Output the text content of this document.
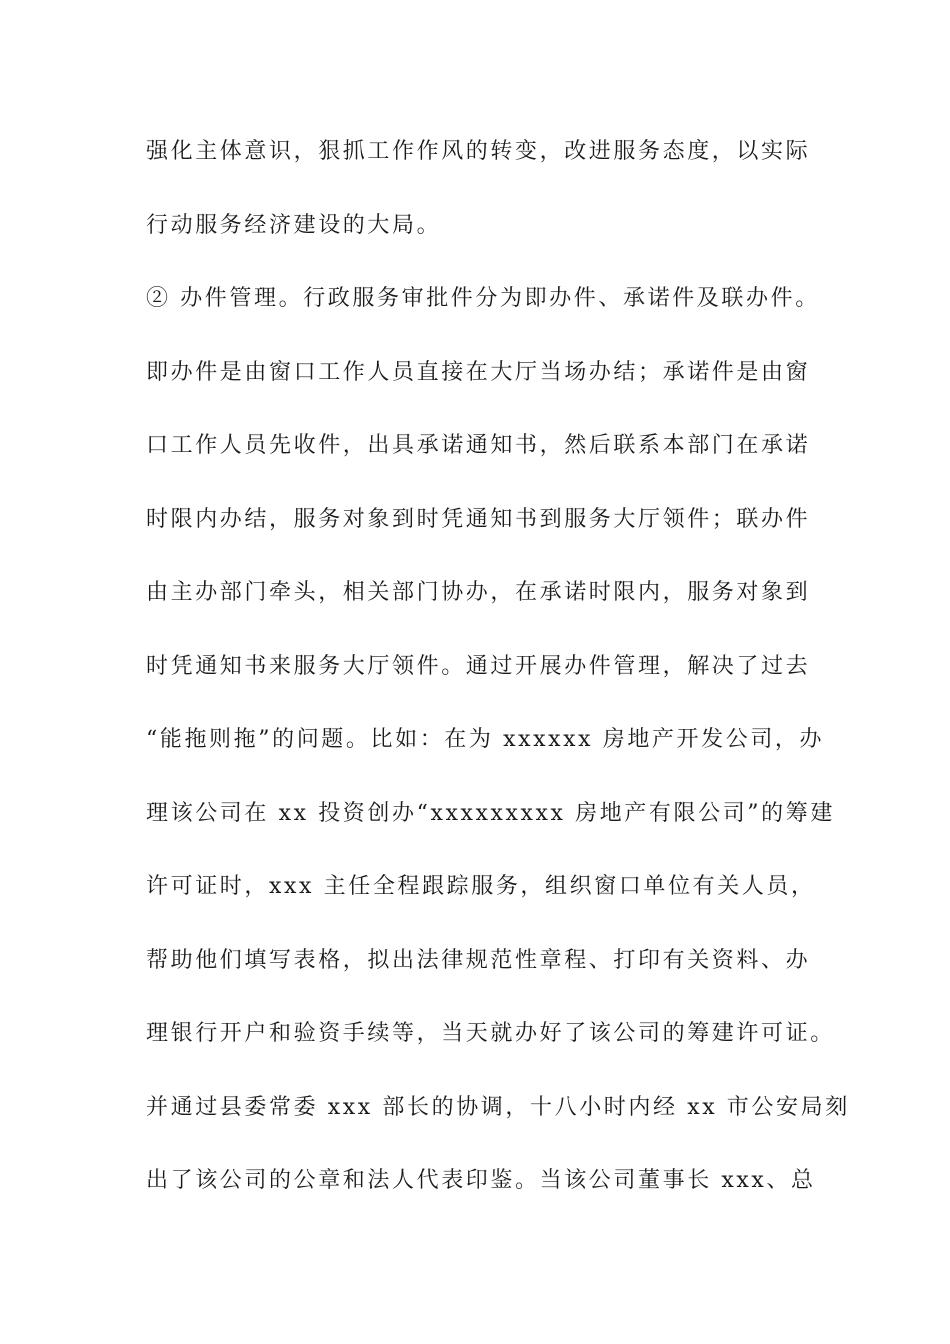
强化主体意识，狠抓工作作风的转变，改进服务态度，以实际
行动服务经济建设的大局。
② 办件管理。行政服务审批件分为即办件、承诺件及联办件。
即办件是由窗口工作人员直接在大厅当场办结；承诺件是由窗
口工作人员先收件，出具承诺通知书，然后联系本部门在承诺
时限内办结，服务对象到时凭通知书到服务大厅领件；联办件
由主办部门牵头，相关部门协办，在承诺时限内，服务对象到
时凭通知书来服务大厅领件。通过开展办件管理，解决了过去
“能拖则拖”的问题。比如：在为 xxxxxx 房地产开发公司，办
理该公司在 xx 投资创办“xxxxxxxxx 房地产有限公司”的筹建
许可证时，xxx 主任全程跟踪服务，组织窗口单位有关人员，
帮助他们填写表格，拟出法律规范性章程、打印有关资料、办
理银行开户和验资手续等，当天就办好了该公司的筹建许可证。
并通过县委常委 xxx 部长的协调，十八小时内经 xx 市公安局刻
出了该公司的公章和法人代表印鉴。当该公司董事长 xxx、总
